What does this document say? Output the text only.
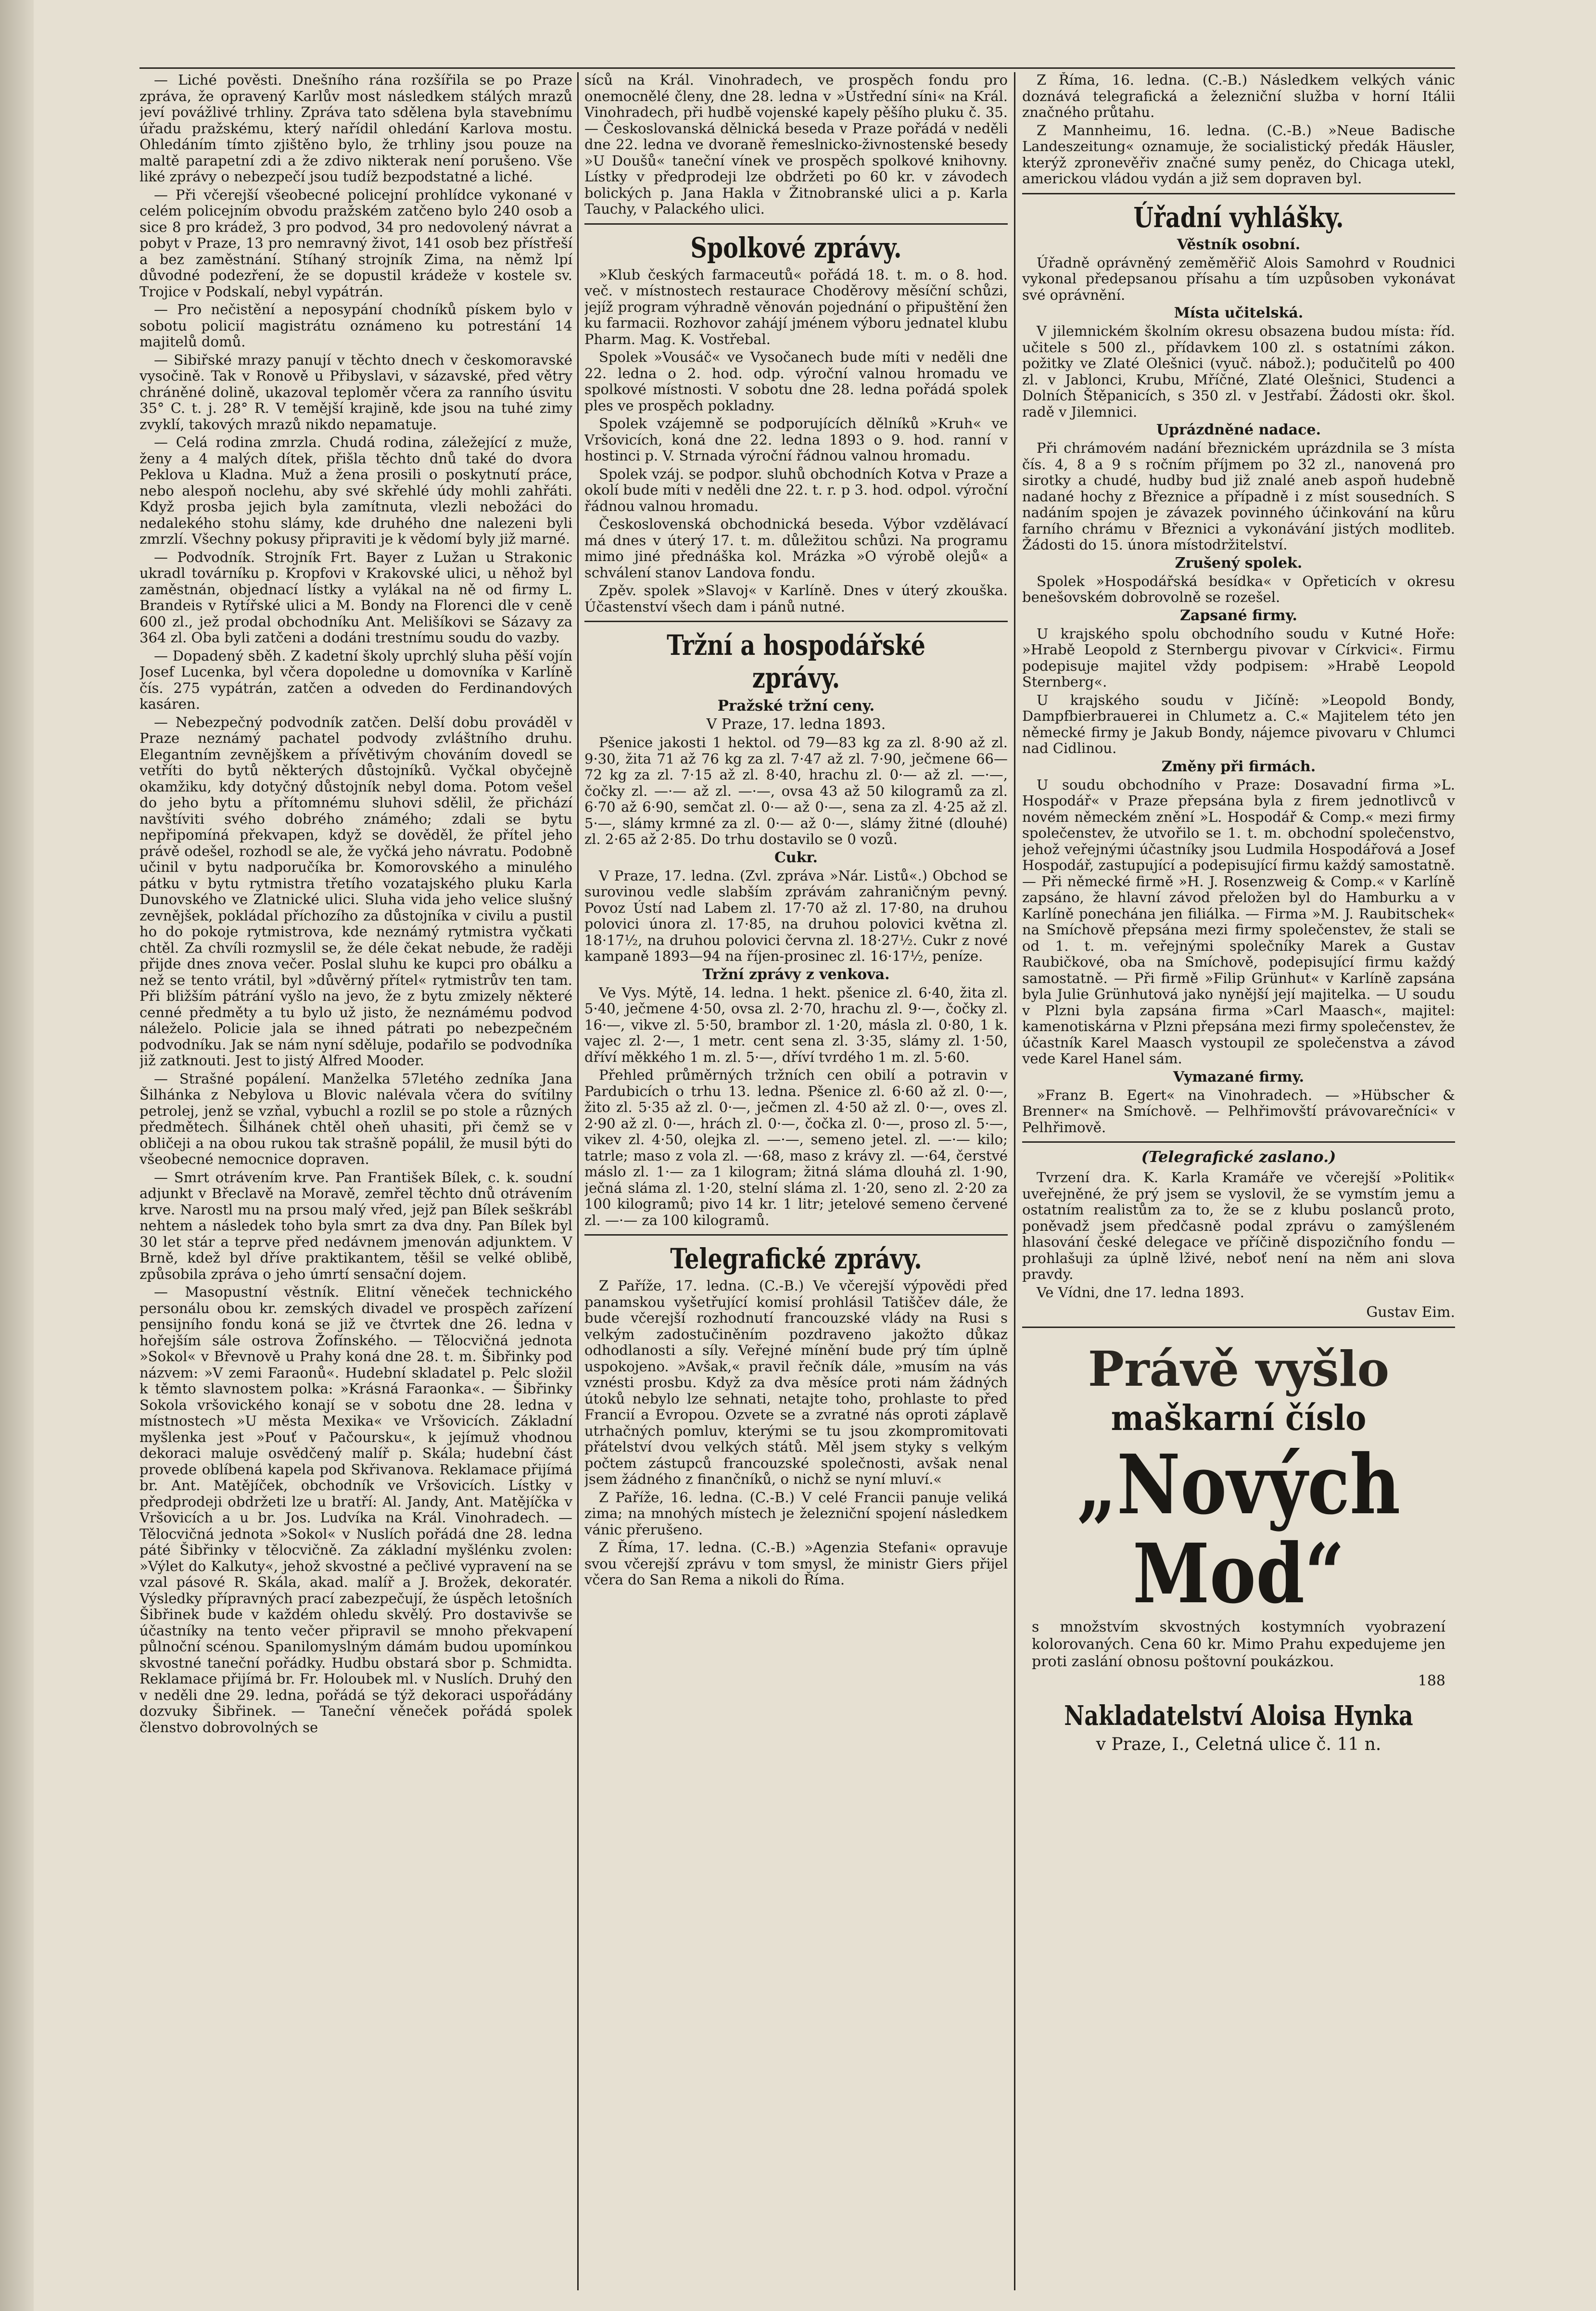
— Liché pověsti. Dnešního rána rozšířila se po Praze zpráva, že opravený Karlův most následkem stálých mrazů jeví povážlivé trhliny. Zpráva tato sdělena byla stavebnímu úřadu pražskému, který nařídil ohledání Karlova mostu. Ohledáním tímto zjištěno bylo, že trhliny jsou pouze na maltě parapetní zdi a že zdivo nikterak není porušeno. Vše liké zprávy o nebezpečí jsou tudíž bezpodstatné a liché.

— Při včerejší všeobecné policejní prohlídce vykonané v celém policejním obvodu pražském zatčeno bylo 240 osob a sice 8 pro krádež, 3 pro podvod, 34 pro nedovolený návrat a pobyt v Praze, 13 pro nemravný život, 141 osob bez přístřeší a bez zaměstnání. Stíhaný strojník Zima, na němž lpí důvodné podezření, že se dopustil krádeže v kostele sv. Trojice v Podskalí, nebyl vypátrán.

— Pro nečistění a neposypání chodníků pískem bylo v sobotu policií magistrátu oznámeno ku potrestání 14 majitelů domů.

— Sibiřské mrazy panují v těchto dnech v českomoravské vysočině. Tak v Ronově u Přibyslavi, v sázavské, před větry chráněné dolině, ukazoval teploměr včera za ranního úsvitu 35° C. t. j. 28° R. V temější krajině, kde jsou na tuhé zimy zvyklí, takových mrazů nikdo nepamatuje.

— Celá rodina zmrzla. Chudá rodina, záležející z muže, ženy a 4 malých dítek, přišla těchto dnů také do dvora Peklova u Kladna. Muž a žena prosili o poskytnutí práce, nebo alespoň noclehu, aby své skřehlé údy mohli zahřáti. Když prosba jejich byla zamítnuta, vlezli nebožáci do nedalekého stohu slámy, kde druhého dne nalezeni byli zmrzlí. Všechny pokusy připraviti je k vědomí byly již marné.

— Podvodník. Strojník Frt. Bayer z Lužan u Strakonic ukradl továrníku p. Kropfovi v Krakovské ulici, u něhož byl zaměstnán, objednací lístky a vylákal na ně od firmy L. Brandeis v Rytířské ulici a M. Bondy na Florenci dle v ceně 600 zl., jež prodal obchodníku Ant. Melišíkovi se Sázavy za 364 zl. Oba byli zatčeni a dodáni trestnímu soudu do vazby.

— Dopadený sběh. Z kadetní školy uprchlý sluha pěší vojín Josef Lucenka, byl včera dopoledne u domovníka v Karlíně čís. 275 vypátrán, zatčen a odveden do Ferdinandových kasáren.

— Nebezpečný podvodník zatčen. Delší dobu prováděl v Praze neznámý pachatel podvody zvláštního druhu. Elegantním zevnějškem a přívětivým chováním dovedl se vetříti do bytů některých důstojníků. Vyčkal obyčejně okamžiku, kdy dotyčný důstojník nebyl doma. Potom vešel do jeho bytu a přítomnému sluhovi sdělil, že přichází navštíviti svého dobrého známého; zdali se bytu nepřipomíná překvapen, když se dověděl, že přítel jeho právě odešel, rozhodl se ale, že vyčká jeho návratu. Podobně učinil v bytu nadporučíka br. Komorovského a minulého pátku v bytu rytmistra třetího vozatajského pluku Karla Dunovského ve Zlatnické ulici. Sluha vida jeho velice slušný zevnějšek, pokládal příchozího za důstojníka v civilu a pustil ho do pokoje rytmistrova, kde neznámý rytmistra vyčkati chtěl. Za chvíli rozmyslil se, že déle čekat nebude, že raději přijde dnes znova večer. Poslal sluhu ke kupci pro obálku a než se tento vrátil, byl »důvěrný přítel« rytmistrův ten tam. Při bližším pátrání vyšlo na jevo, že z bytu zmizely některé cenné předměty a tu bylo už jisto, že neznámému podvod náleželo. Policie jala se ihned pátrati po nebezpečném podvodníku. Jak se nám nyní sděluje, podařilo se podvodníka již zatknouti. Jest to jistý Alfred Mooder.

— Strašné popálení. Manželka 57letého zedníka Jana Šilhánka z Nebylova u Blovic nalévala včera do svítilny petrolej, jenž se vzňal, vybuchl a rozlil se po stole a různých předmětech. Šilhánek chtěl oheň uhasiti, při čemž se v obličeji a na obou rukou tak strašně popálil, že musil býti do všeobecné nemocnice dopraven.

— Smrt otrávením krve. Pan František Bílek, c. k. soudní adjunkt v Břeclavě na Moravě, zemřel těchto dnů otrávením krve. Narostl mu na prsou malý vřed, jejž pan Bílek seškrábl nehtem a následek toho byla smrt za dva dny. Pan Bílek byl 30 let stár a teprve před nedávnem jmenován adjunktem. V Brně, kdež byl dříve praktikantem, těšil se velké oblibě, způsobila zpráva o jeho úmrtí sensační dojem.

— Masopustní věstník. Elitní věneček technického personálu obou kr. zemských divadel ve prospěch zařízení pensijního fondu koná se již ve čtvrtek dne 26. ledna v hořejším sále ostrova Žofínského. — Tělocvičná jednota »Sokol« v Břevnově u Prahy koná dne 28. t. m. Šibřinky pod názvem: »V zemi Faraonů«. Hudební skladatel p. Pelc složil k těmto slavnostem polka: »Krásná Faraonka«. — Šibřinky Sokola vršovického konají se v sobotu dne 28. ledna v místnostech »U města Mexika« ve Vršovicích. Základní myšlenka jest »Pouť v Pačoursku«, k jejímuž vhodnou dekoraci maluje osvědčený malíř p. Skála; hudební část provede oblíbená kapela pod Skřivanova. Reklamace přijímá br. Ant. Matějíček, obchodník ve Vršovicích. Lístky v předprodeji obdržeti lze u bratří: Al. Jandy, Ant. Matějíčka v Vršovicích a u br. Jos. Ludvíka na Král. Vinohradech. — Tělocvičná jednota »Sokol« v Nuslích pořádá dne 28. ledna páté Šibřinky v tělocvičně. Za základní myšlénku zvolen: »Výlet do Kalkuty«, jehož skvostné a pečlivé vypravení na se vzal pásové R. Skála, akad. malíř a J. Brožek, dekoratér. Výsledky přípravných prací zabezpečují, že úspěch letošních Šibřinek bude v každém ohledu skvělý. Pro dostavivše se účastníky na tento večer připravil se mnoho překvapení půlnoční scénou. Spanilomyslným dámám budou upomínkou skvostné taneční pořádky. Hudbu obstará sbor p. Schmidta. Reklamace přijímá br. Fr. Holoubek ml. v Nuslích. Druhý den v neděli dne 29. ledna, pořádá se týž dekoraci uspořádány dozvuky Šibřinek. — Taneční věneček pořádá spolek členstvo dobrovolných se

síců na Král. Vinohradech, ve prospěch fondu pro onemocnělé členy, dne 28. ledna v »Ústřední síni« na Král. Vinohradech, při hudbě vojenské kapely pěšího pluku č. 35. — Českoslovanská dělnická beseda v Praze pořádá v neděli dne 22. ledna ve dvoraně řemeslnicko-živnostenské besedy »U Doušů« taneční vínek ve prospěch spolkové knihovny. Lístky v předprodeji lze obdržeti po 60 kr. v závodech bolických p. Jana Hakla v Žitnobranské ulici a p. Karla Tauchy, v Palackého ulici.

Spolkové zprávy.

»Klub českých farmaceutů« pořádá 18. t. m. o 8. hod. več. v místnostech restaurace Choděrovy měsíční schůzi, jejíž program výhradně věnován pojednání o připuštění žen ku farmacii. Rozhovor zahájí jménem výboru jednatel klubu Pharm. Mag. K. Vostřebal.

Spolek »Vousáč« ve Vysočanech bude míti v neděli dne 22. ledna o 2. hod. odp. výroční valnou hromadu ve spolkové místnosti. V sobotu dne 28. ledna pořádá spolek ples ve prospěch pokladny.

Spolek vzájemně se podporujících dělníků »Kruh« ve Vršovicích, koná dne 22. ledna 1893 o 9. hod. ranní v hostinci p. V. Strnada výroční řádnou valnou hromadu.

Spolek vzáj. se podpor. sluhů obchodních Kotva v Praze a okolí bude míti v neděli dne 22. t. r. p 3. hod. odpol. výroční řádnou valnou hromadu.

Československá obchodnická beseda. Výbor vzdělávací má dnes v úterý 17. t. m. důležitou schůzi. Na programu mimo jiné přednáška kol. Mrázka »O výrobě olejů« a schválení stanov Landova fondu.

Zpěv. spolek »Slavoj« v Karlíně. Dnes v úterý zkouška. Účastenství všech dam i pánů nutné.

Tržní a hospodářské zprávy.
Pražské tržní ceny.
V Praze, 17. ledna 1893.

Pšenice jakosti 1 hektol. od 79—83 kg za zl. 8·90 až zl. 9·30, žita 71 až 76 kg za zl. 7·47 až zl. 7·90, ječmene 66—72 kg za zl. 7·15 až zl. 8·40, hrachu zl. 0·— až zl. —·—, čočky zl. —·— až zl. —·—, ovsa 43 až 50 kilogramů za zl. 6·70 až 6·90, semčat zl. 0·— až 0·—, sena za zl. 4·25 až zl. 5·—, slámy krmné za zl. 0·— až 0·—, slámy žitné (dlouhé) zl. 2·65 až 2·85. Do trhu dostavilo se 0 vozů.

Cukr.

V Praze, 17. ledna. (Zvl. zpráva »Nár. Listů«.) Obchod se surovinou vedle slabším zprávám zahraničným pevný. Povoz Ústí nad Labem zl. 17·70 až zl. 17·80, na druhou polovici února zl. 17·85, na druhou polovici května zl. 18·17½, na druhou polovici června zl. 18·27½. Cukr z nové kampaně 1893—94 na říjen-prosinec zl. 16·17½, peníze.

Tržní zprávy z venkova.

Ve Vys. Mýtě, 14. ledna. 1 hekt. pšenice zl. 6·40, žita zl. 5·40, ječmene 4·50, ovsa zl. 2·70, hrachu zl. 9·—, čočky zl. 16·—, vikve zl. 5·50, brambor zl. 1·20, másla zl. 0·80, 1 k. vajec zl. 2·—, 1 metr. cent sena zl. 3·35, slámy zl. 1·50, dříví měkkého 1 m. zl. 5·—, dříví tvrdého 1 m. zl. 5·60.

Přehled průměrných tržních cen obilí a potravin v Pardubicích o trhu 13. ledna. Pšenice zl. 6·60 až zl. 0·—, žito zl. 5·35 až zl. 0·—, ječmen zl. 4·50 až zl. 0·—, oves zl. 2·90 až zl. 0·—, hrách zl. 0·—, čočka zl. 0·—, proso zl. 5·—, vikev zl. 4·50, olejka zl. —·—, semeno jetel. zl. —·— kilo; tatrle; maso z vola zl. —·68, maso z krávy zl. —·64, čerstvé máslo zl. 1·— za 1 kilogram; žitná sláma dlouhá zl. 1·90, ječná sláma zl. 1·20, stelní sláma zl. 1·20, seno zl. 2·20 za 100 kilogramů; pivo 14 kr. 1 litr; jetelové semeno červené zl. —·— za 100 kilogramů.

Telegrafické zprávy.

Z Paříže, 17. ledna. (C.-B.) Ve včerejší výpovědi před panamskou vyšetřující komisí prohlásil Tatiščev dále, že bude včerejší rozhodnutí francouzské vlády na Rusi s velkým zadostučiněním pozdraveno jakožto důkaz odhodlanosti a síly. Veřejné mínění bude prý tím úplně uspokojeno. »Avšak,« pravil řečník dále, »musím na vás vznésti prosbu. Když za dva měsíce proti nám žádných útoků nebylo lze sehnati, netajte toho, prohlaste to před Francií a Evropou. Ozvete se a zvratné nás oproti záplavě utrhačných pomluv, kterými se tu jsou zkompromitovati přátelství dvou velkých států. Měl jsem styky s velkým počtem zástupců francouzské společnosti, avšak nenal jsem žádného z finančníků, o nichž se nyní mluví.«

Z Paříže, 16. ledna. (C.-B.) V celé Francii panuje veliká zima; na mnohých místech je železniční spojení následkem vánic přerušeno.

Z Říma, 17. ledna. (C.-B.) »Agenzia Stefani« opravuje svou včerejší zprávu v tom smysl, že ministr Giers přijel včera do San Rema a nikoli do Říma.

Z Říma, 16. ledna. (C.-B.) Následkem velkých vánic doznává telegrafická a železniční služba v horní Itálii značného průtahu.

Z Mannheimu, 16. ledna. (C.-B.) »Neue Badische Landeszeitung« oznamuje, že socialistický předák Häusler, kterýž zpronevěřiv značné sumy peněz, do Chicaga utekl, americkou vládou vydán a již sem dopraven byl.

Úřadní vyhlášky.
Věstník osobní.

Úřadně oprávněný zeměměřič Alois Samohrd v Roudnici vykonal předepsanou přísahu a tím uzpůsoben vykonávat své oprávnění.

Místa učitelská.

V jilemnickém školním okresu obsazena budou místa: říd. učitele s 500 zl., přídavkem 100 zl. s ostatními zákon. požitky ve Zlaté Olešnici (vyuč. nábož.); podučitelů po 400 zl. v Jablonci, Krubu, Mříčné, Zlaté Olešnici, Studenci a Dolních Štěpanicích, s 350 zl. v Jestřabí. Žádosti okr. škol. radě v Jilemnici.

Uprázdněné nadace.

Při chrámovém nadání březnickém uprázdnila se 3 místa čís. 4, 8 a 9 s ročním příjmem po 32 zl., nanovená pro sirotky a chudé, hudby bud již znalé aneb aspoň hudebně nadané hochy z Březnice a případně i z míst sousedních. S nadáním spojen je závazek povinného účinkování na kůru farního chrámu v Březnici a vykonávání jistých modliteb. Žádosti do 15. února místodržitelství.

Zrušený spolek.

Spolek »Hospodářská besídka« v Opřeticích v okresu benešovském dobrovolně se rozešel.

Zapsané firmy.

U krajského spolu obchodního soudu v Kutné Hoře: »Hrabě Leopold z Sternbergu pivovar v Církvici«. Firmu podepisuje majitel vždy podpisem: »Hrabě Leopold Sternberg«.

U krajského soudu v Jičíně: »Leopold Bondy, Dampfbierbrauerei in Chlumetz a. C.« Majitelem této jen německé firmy je Jakub Bondy, nájemce pivovaru v Chlumci nad Cidlinou.

Změny při firmách.

U soudu obchodního v Praze: Dosavadní firma »L. Hospodář« v Praze přepsána byla z firem jednotlivců v novém německém znění »L. Hospodář & Comp.« mezi firmy společenstev, že utvořilo se 1. t. m. obchodní společenstvo, jehož veřejnými účastníky jsou Ludmila Hospodářová a Josef Hospodář, zastupující a podepisující firmu každý samostatně. — Při německé firmě »H. J. Rosenzweig & Comp.« v Karlíně zapsáno, že hlavní závod přeložen byl do Hamburku a v Karlíně ponechána jen filiálka. — Firma »M. J. Raubitschek« na Smíchově přepsána mezi firmy společenstev, že stali se od 1. t. m. veřejnými společníky Marek a Gustav Raubičkové, oba na Smíchově, podepisující firmu každý samostatně. — Při firmě »Filip Grünhut« v Karlíně zapsána byla Julie Grünhutová jako nynější její majitelka. — U soudu v Plzni byla zapsána firma »Carl Maasch«, majitel: kamenotiskárna v Plzni přepsána mezi firmy společenstev, že účastník Karel Maasch vystoupil ze společenstva a závod vede Karel Hanel sám.

Vymazané firmy.

»Franz B. Egert« na Vinohradech. — »Hübscher & Brenner« na Smíchově. — Pelhřimovští právovarečníci« v Pelhřimově.

(Telegrafické zaslano.)

Tvrzení dra. K. Karla Kramáře ve včerejší »Politik« uveřejněné, že prý jsem se vyslovil, že se vymstím jemu a ostatním realistům za to, že se z klubu poslanců proto, poněvadž jsem předčasně podal zprávu o zamýšleném hlasování české delegace ve příčině dispozičního fondu — prohlašuji za úplně lživé, neboť není na něm ani slova pravdy.

Ve Vídni, dne 17. ledna 1893.

Gustav Eim.
Právě vyšlo
maškarní číslo
„Nových Mod“

s množstvím skvostných kostymních vyobrazení kolorovaných. Cena 60 kr. Mimo Prahu expedujeme jen proti zaslání obnosu poštovní poukázkou.

188
Nakladatelství Aloisa Hynka
v Praze, I., Celetná ulice č. 11 n.
